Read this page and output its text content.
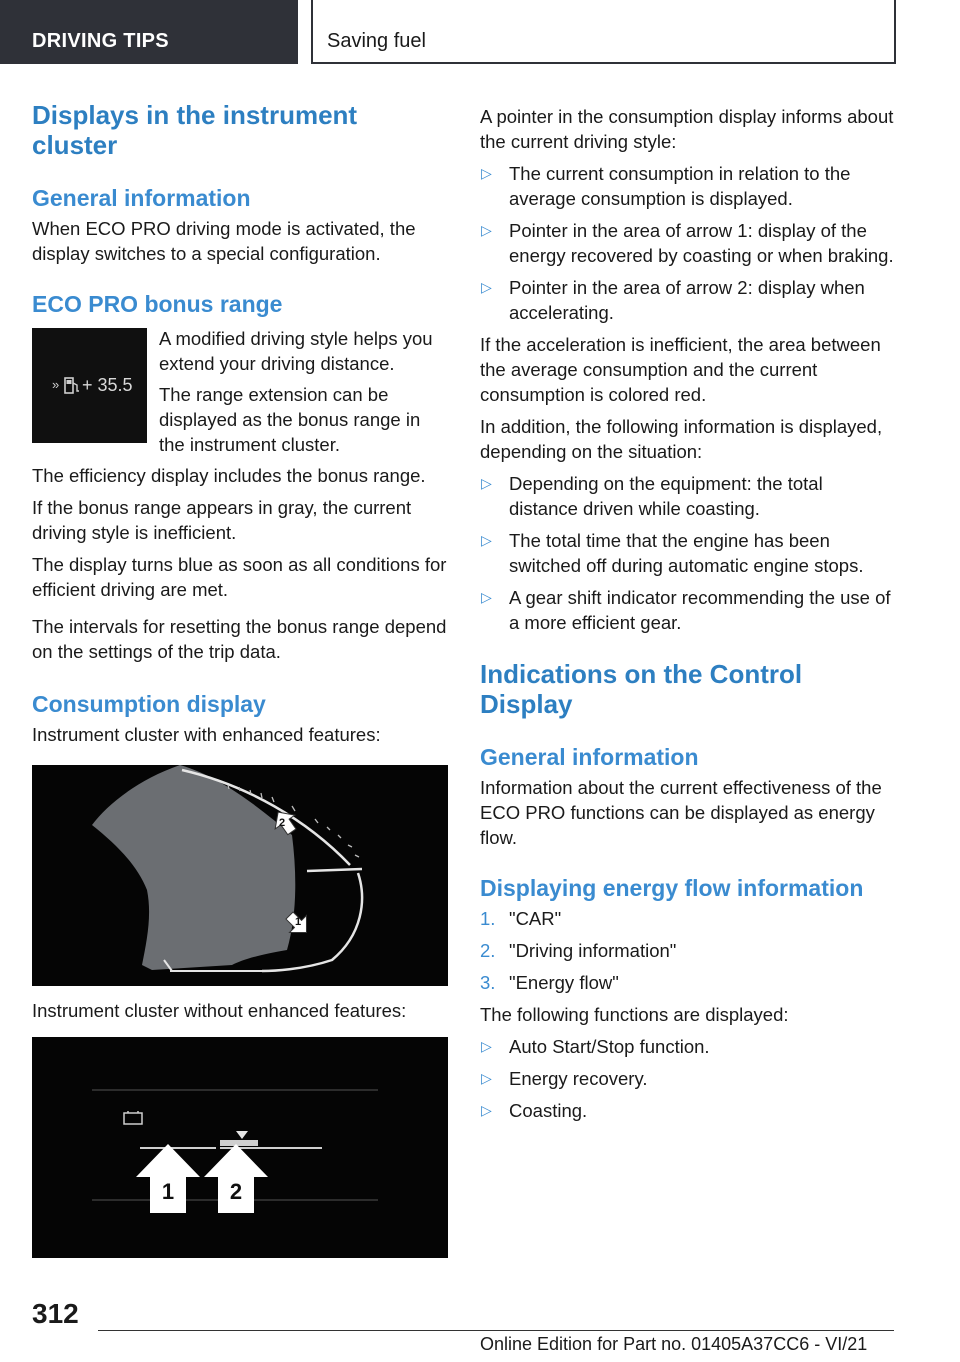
DRIVING TIPS	Saving fuel
Displays in the instrument cluster
General information

When ECO PRO driving mode is activated, the display switches to a special configuration.

ECO PRO bonus range
» + 35.5

A modified driving style helps you extend your driving distance.

The range extension can be displayed as the bonus range in the instrument cluster.

The efficiency display includes the bonus range.

If the bonus range appears in gray, the current driving style is inefficient.

The display turns blue as soon as all conditions for efficient driving are met.

The intervals for resetting the bonus range depend on the settings of the trip data.

Consumption display

Instrument cluster with enhanced features:

2
1

Instrument cluster without enhanced features:

1	2

A pointer in the consumption display informs about the current driving style:

▷ The current consumption in relation to the average consumption is displayed.
▷ Pointer in the area of arrow 1: display of the energy recovered by coasting or when braking.
▷ Pointer in the area of arrow 2: display when accelerating.

If the acceleration is inefficient, the area between the average consumption and the current consumption is colored red.

In addition, the following information is displayed, depending on the situation:

▷ Depending on the equipment: the total distance driven while coasting.
▷ The total time that the engine has been switched off during automatic engine stops.
▷ A gear shift indicator recommending the use of a more efficient gear.
Indications on the Control Display
General information

Information about the current effectiveness of the ECO PRO functions can be displayed as energy flow.

Displaying energy flow information
1. "CAR"
2. "Driving information"
3. "Energy flow"

The following functions are displayed:

▷ Auto Start/Stop function.
▷ Energy recovery.
▷ Coasting.
312
Online Edition for Part no. 01405A37CC6 - VI/21
